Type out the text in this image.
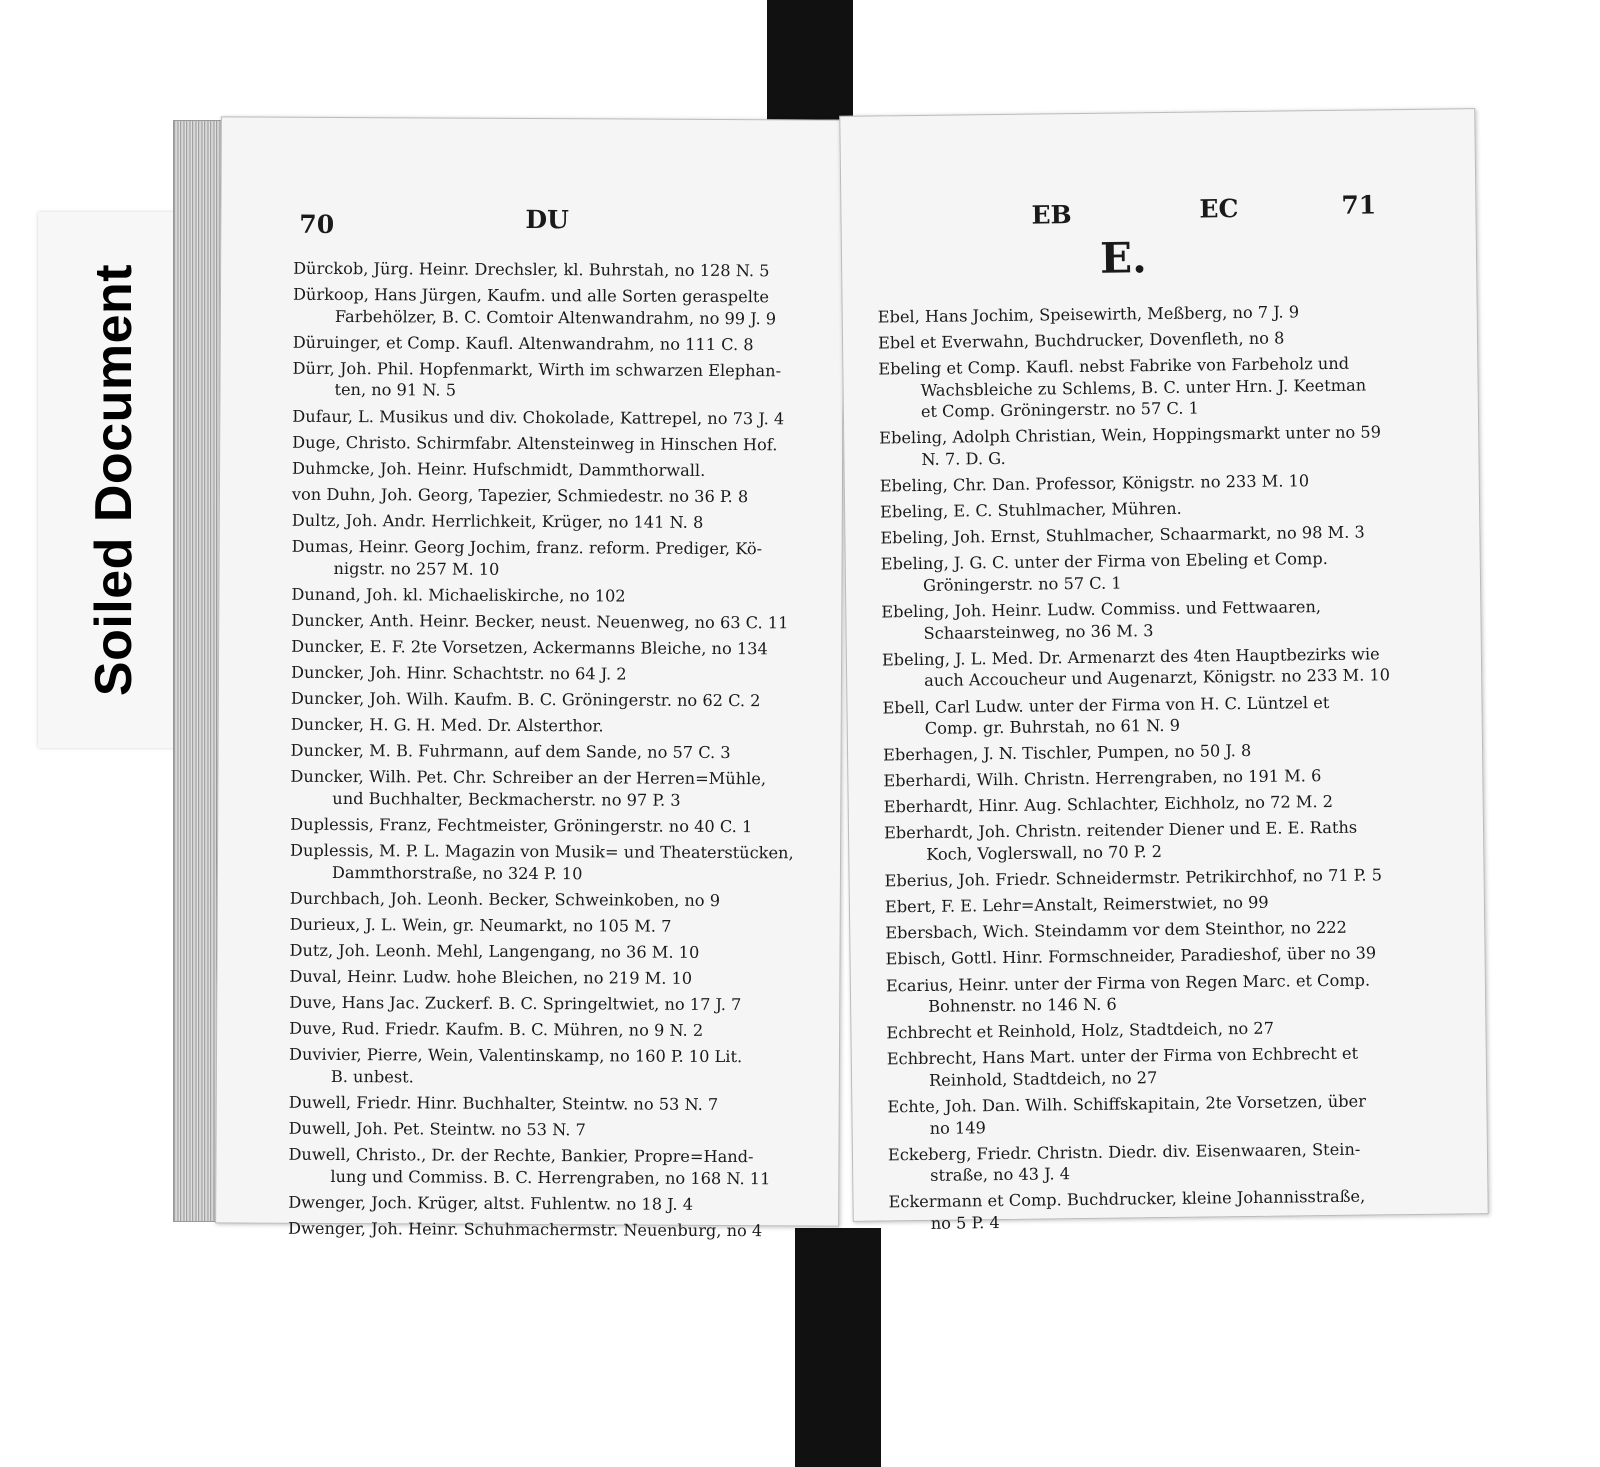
Soiled Document
70	DU
Dürckob, Jürg. Heinr. Drechsler, kl. Buhrstah, no 128 N. 5
Dürkoop, Hans Jürgen, Kaufm. und alle Sorten geraspelte
Farbehölzer, B. C. Comtoir Altenwandrahm, no 99 J. 9
Düruinger, et Comp. Kaufl. Altenwandrahm, no 111 C. 8
Dürr, Joh. Phil. Hopfenmarkt, Wirth im schwarzen Elephan-
ten, no 91 N. 5
Dufaur, L. Musikus und div. Chokolade, Kattrepel, no 73 J. 4
Duge, Christo. Schirmfabr. Altensteinweg in Hinschen Hof.
Duhmcke, Joh. Heinr. Hufschmidt, Dammthorwall.
von Duhn, Joh. Georg, Tapezier, Schmiedestr. no 36 P. 8
Dultz, Joh. Andr. Herrlichkeit, Krüger, no 141 N. 8
Dumas, Heinr. Georg Jochim, franz. reform. Prediger, Kö-
nigstr. no 257 M. 10
Dunand, Joh. kl. Michaeliskirche, no 102
Duncker, Anth. Heinr. Becker, neust. Neuenweg, no 63 C. 11
Duncker, E. F. 2te Vorsetzen, Ackermanns Bleiche, no 134
Duncker, Joh. Hinr. Schachtstr. no 64 J. 2
Duncker, Joh. Wilh. Kaufm. B. C. Gröningerstr. no 62 C. 2
Duncker, H. G. H. Med. Dr. Alsterthor.
Duncker, M. B. Fuhrmann, auf dem Sande, no 57 C. 3
Duncker, Wilh. Pet. Chr. Schreiber an der Herren=Mühle,
und Buchhalter, Beckmacherstr. no 97 P. 3
Duplessis, Franz, Fechtmeister, Gröningerstr. no 40 C. 1
Duplessis, M. P. L. Magazin von Musik= und Theaterstücken,
Dammthorstraße, no 324 P. 10
Durchbach, Joh. Leonh. Becker, Schweinkoben, no 9
Durieux, J. L. Wein, gr. Neumarkt, no 105 M. 7
Dutz, Joh. Leonh. Mehl, Langengang, no 36 M. 10
Duval, Heinr. Ludw. hohe Bleichen, no 219 M. 10
Duve, Hans Jac. Zuckerf. B. C. Springeltwiet, no 17 J. 7
Duve, Rud. Friedr. Kaufm. B. C. Mühren, no 9 N. 2
Duvivier, Pierre, Wein, Valentinskamp, no 160 P. 10 Lit.
B. unbest.
Duwell, Friedr. Hinr. Buchhalter, Steintw. no 53 N. 7
Duwell, Joh. Pet. Steintw. no 53 N. 7
Duwell, Christo., Dr. der Rechte, Bankier, Propre=Hand-
lung und Commiss. B. C. Herrengraben, no 168 N. 11
Dwenger, Joch. Krüger, altst. Fuhlentw. no 18 J. 4
Dwenger, Joh. Heinr. Schuhmachermstr. Neuenburg, no 4
EB	EC	71
E.
Ebel, Hans Jochim, Speisewirth, Meßberg, no 7 J. 9
Ebel et Everwahn, Buchdrucker, Dovenfleth, no 8
Ebeling et Comp. Kaufl. nebst Fabrike von Farbeholz und
Wachsbleiche zu Schlems, B. C. unter Hrn. J. Keetman
et Comp. Gröningerstr. no 57 C. 1
Ebeling, Adolph Christian, Wein, Hoppingsmarkt unter no 59
N. 7. D. G.
Ebeling, Chr. Dan. Professor, Königstr. no 233 M. 10
Ebeling, E. C. Stuhlmacher, Mühren.
Ebeling, Joh. Ernst, Stuhlmacher, Schaarmarkt, no 98 M. 3
Ebeling, J. G. C. unter der Firma von Ebeling et Comp.
Gröningerstr. no 57 C. 1
Ebeling, Joh. Heinr. Ludw. Commiss. und Fettwaaren,
Schaarsteinweg, no 36 M. 3
Ebeling, J. L. Med. Dr. Armenarzt des 4ten Hauptbezirks wie
auch Accoucheur und Augenarzt, Königstr. no 233 M. 10
Ebell, Carl Ludw. unter der Firma von H. C. Lüntzel et
Comp. gr. Buhrstah, no 61 N. 9
Eberhagen, J. N. Tischler, Pumpen, no 50 J. 8
Eberhardi, Wilh. Christn. Herrengraben, no 191 M. 6
Eberhardt, Hinr. Aug. Schlachter, Eichholz, no 72 M. 2
Eberhardt, Joh. Christn. reitender Diener und E. E. Raths
Koch, Voglerswall, no 70 P. 2
Eberius, Joh. Friedr. Schneidermstr. Petrikirchhof, no 71 P. 5
Ebert, F. E. Lehr=Anstalt, Reimerstwiet, no 99
Ebersbach, Wich. Steindamm vor dem Steinthor, no 222
Ebisch, Gottl. Hinr. Formschneider, Paradieshof, über no 39
Ecarius, Heinr. unter der Firma von Regen Marc. et Comp.
Bohnenstr. no 146 N. 6
Echbrecht et Reinhold, Holz, Stadtdeich, no 27
Echbrecht, Hans Mart. unter der Firma von Echbrecht et
Reinhold, Stadtdeich, no 27
Echte, Joh. Dan. Wilh. Schiffskapitain, 2te Vorsetzen, über
no 149
Eckeberg, Friedr. Christn. Diedr. div. Eisenwaaren, Stein-
straße, no 43 J. 4
Eckermann et Comp. Buchdrucker, kleine Johannisstraße,
no 5 P. 4
